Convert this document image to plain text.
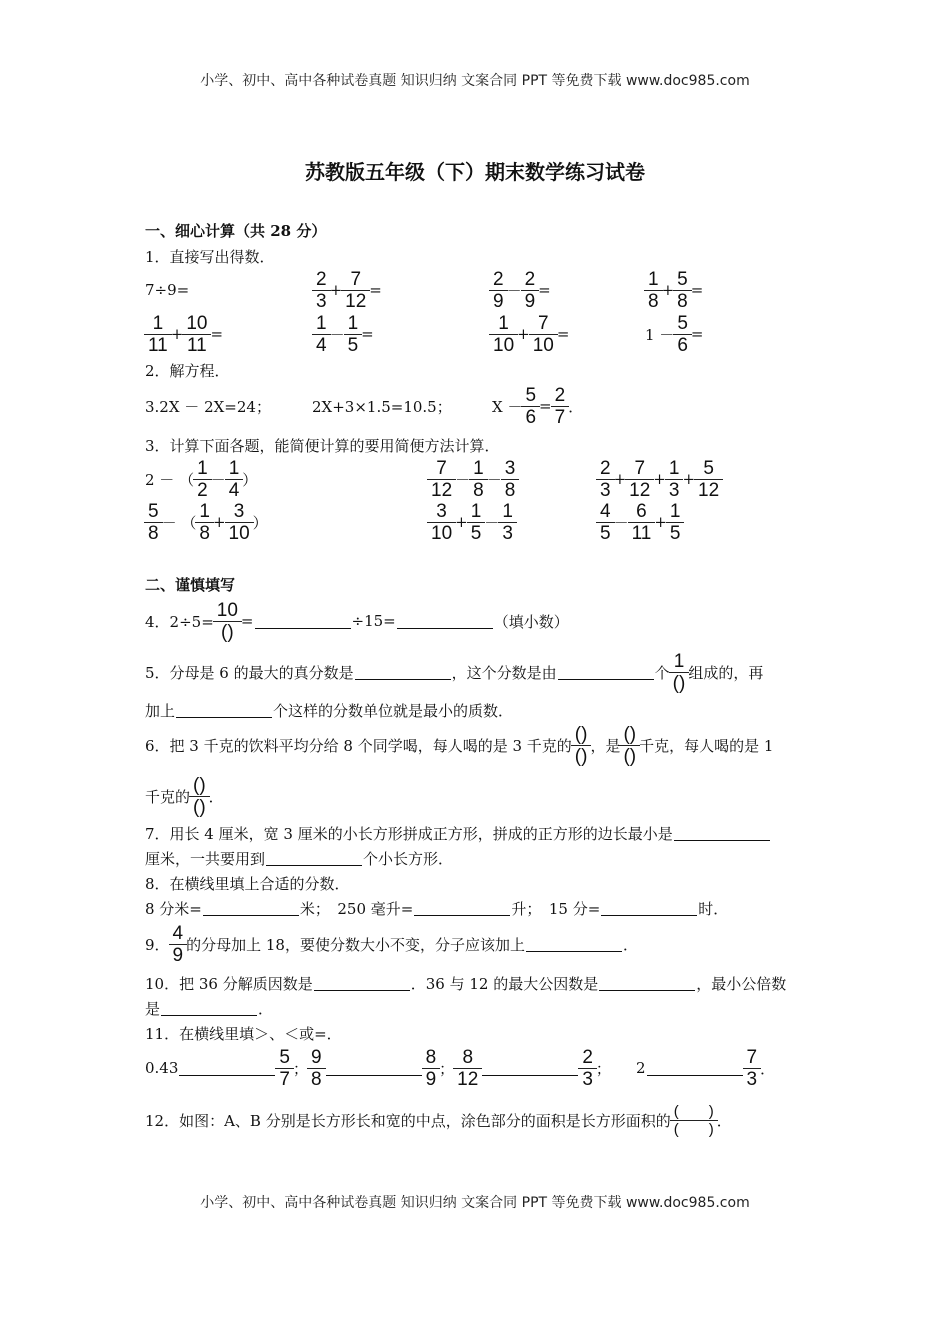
小学、初中、高中各种试卷真题 知识归纳 文案合同 PPT 等免费下载 www.doc985.com
苏教版五年级（下）期末数学练习试卷
一、细心计算（共 28 分）
1．直接写出得数．
7÷9=	$\frac{2}{3} + \frac{7}{12}$ =	$\frac{2}{9} - \frac{2}{9}$ =	$\frac{1}{8} + \frac{5}{8}$ =
$\frac{1}{11} + \frac{10}{11}$ =	$\frac{1}{4} - \frac{1}{5}$ =	$\frac{1}{10} + \frac{7}{10}$ =	$1 - \frac{5}{6}$ =
2．解方程．
3.2X － 2X=24；	2X+3×1.5=10.5；	$X - \frac{5}{6} = \frac{2}{7}$ ．
3．计算下面各题，能简便计算的要用简便方法计算．
2 － （ $\frac{1}{2} - \frac{1}{4}$ ）	$\frac{7}{12} - \frac{1}{8} - \frac{3}{8}$	$\frac{2}{3} + \frac{7}{12} + \frac{1}{3} + \frac{5}{12}$
$\frac{5}{8}$ － （ $\frac{1}{8} + \frac{3}{10}$ ）	$\frac{3}{10} + \frac{1}{5} - \frac{1}{3}$	$\frac{4}{5} - \frac{6}{11} + \frac{1}{5}$
二、谨慎填写
4．$2\div 5= \frac{10}{()}$ =	÷15=	（填小数）
5．分母是 6 的最大的真分数是	，这个分数是由	个 $\frac{1}{()}$ 组成的，再
加上	个这样的分数单位就是最小的质数．
6．把 3 千克的饮料平均分给 8 个同学喝，每人喝的是 3 千克的 $\frac{()}{()}$ ，是 $\frac{()}{()}$ 千克，每人喝的是 1
千克的 $\frac{()}{()}$ ．
7．用长 4 厘米，宽 3 厘米的小长方形拼成正方形，拼成的正方形的边长最小是
厘米，一共要用到	个小长方形．
8．在横线里填上合适的分数．
8 分米=	米；　250 毫升=	升；　15 分=	时．
9． $\frac{4}{9}$ 的分母加上 18，要使分数大小不变，分子应该加上	．
10．把 36 分解质因数是	．36 与 12 的最大公因数是	，最小公倍数
是	．
11．在横线里填＞、＜或=．
0.43	$\frac{5}{7}$ ； $\frac{9}{8}$	$\frac{8}{9}$ ； $\frac{8}{12}$	$\frac{2}{3}$ ； 2	$\frac{7}{3}$ ．
12．如图：A、B 分别是长方形长和宽的中点，涂色部分的面积是长方形面积的 $\frac{( )}{( )}$ ．
小学、初中、高中各种试卷真题 知识归纳 文案合同 PPT 等免费下载 www.doc985.com
